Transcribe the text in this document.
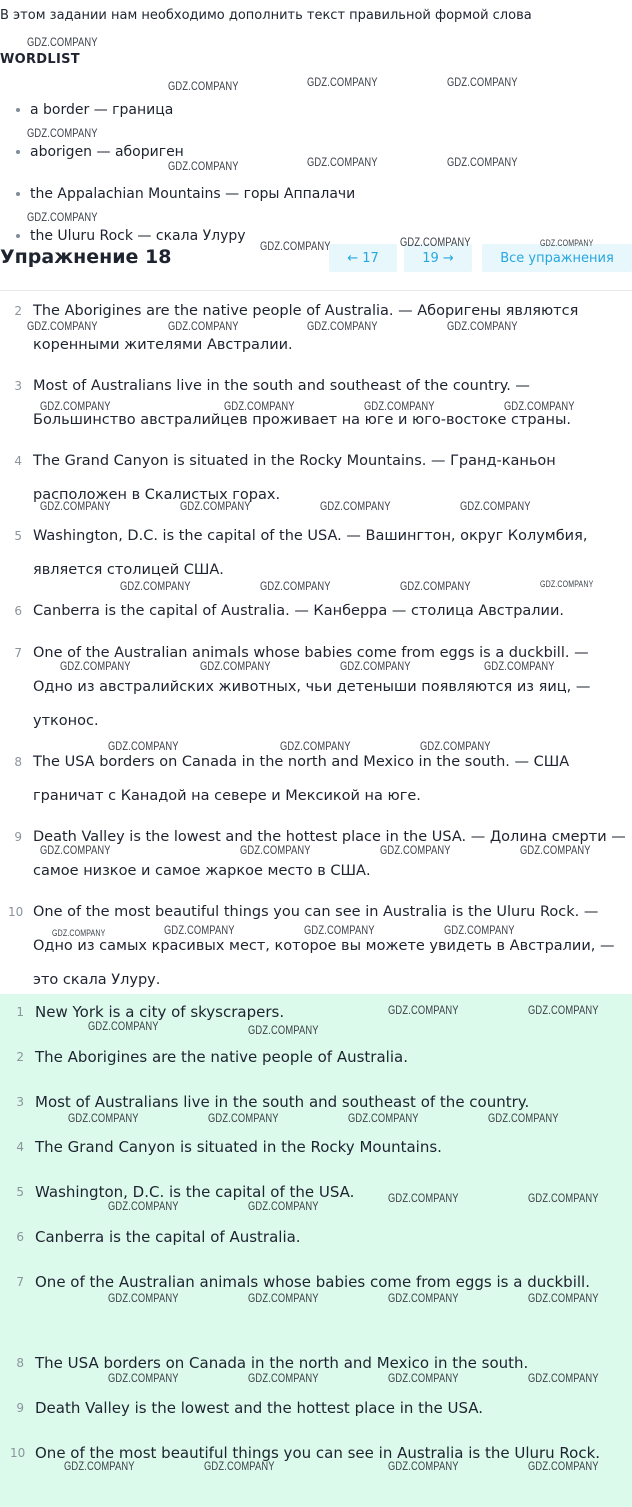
В этом задании нам необходимо дополнить текст правильной формой слова
WORDLIST
a border — граница
aborigen — абориген
the Appalachian Mountains — горы Аппалачи
the Uluru Rock — скала Улуру
Упражнение 18	← 17	19 →	Все упражнения
2 The Aborigines are the native people of Australia. — Аборигены являются коренными жителями Австралии.
3 Most of Australians live in the south and southeast of the country. — Большинство австралийцев проживает на юге и юго-востоке страны.
4 The Grand Canyon is situated in the Rocky Mountains. — Гранд-каньон расположен в Скалистых горах.
5 Washington, D.C. is the capital of the USA. — Вашингтон, округ Колумбия, является столицей США.
6 Canberra is the capital of Australia. — Канберра — столица Австралии.
7 One of the Australian animals whose babies come from eggs is a duckbill. — Одно из австралийских животных, чьи детеныши появляются из яиц, — утконос.
8 The USA borders on Canada in the north and Mexico in the south. — США граничат с Канадой на севере и Мексикой на юге.
9 Death Valley is the lowest and the hottest place in the USA. — Долина смерти — самое низкое и самое жаркое место в США.
10 One of the most beautiful things you can see in Australia is the Uluru Rock. — Одно из самых красивых мест, которое вы можете увидеть в Австралии, — это скала Улуру.
1 New York is a city of skyscrapers.
2 The Aborigines are the native people of Australia.
3 Most of Australians live in the south and southeast of the country.
4 The Grand Canyon is situated in the Rocky Mountains.
5 Washington, D.C. is the capital of the USA.
6 Canberra is the capital of Australia.
7 One of the Australian animals whose babies come from eggs is a duckbill.
8 The USA borders on Canada in the north and Mexico in the south.
9 Death Valley is the lowest and the hottest place in the USA.
10 One of the most beautiful things you can see in Australia is the Uluru Rock.
GDZ.COMPANY
GDZ.COMPANY	GDZ.COMPANY	GDZ.COMPANY
GDZ.COMPANY
GDZ.COMPANY	GDZ.COMPANY	GDZ.COMPANY
GDZ.COMPANY
GDZ.COMPANY	GDZ.COMPANY	GDZ.COMPANY
GDZ.COMPANY	GDZ.COMPANY	GDZ.COMPANY	GDZ.COMPANY
GDZ.COMPANY	GDZ.COMPANY	GDZ.COMPANY	GDZ.COMPANY
GDZ.COMPANY	GDZ.COMPANY	GDZ.COMPANY	GDZ.COMPANY
GDZ.COMPANY	GDZ.COMPANY	GDZ.COMPANY	GDZ.COMPANY
GDZ.COMPANY	GDZ.COMPANY	GDZ.COMPANY	GDZ.COMPANY
GDZ.COMPANY	GDZ.COMPANY	GDZ.COMPANY
GDZ.COMPANY	GDZ.COMPANY	GDZ.COMPANY	GDZ.COMPANY
GDZ.COMPANY	GDZ.COMPANY	GDZ.COMPANY	GDZ.COMPANY
GDZ.COMPANY	GDZ.COMPANY
GDZ.COMPANY	GDZ.COMPANY
GDZ.COMPANY	GDZ.COMPANY	GDZ.COMPANY	GDZ.COMPANY
GDZ.COMPANY	GDZ.COMPANY
GDZ.COMPANY	GDZ.COMPANY
GDZ.COMPANY	GDZ.COMPANY	GDZ.COMPANY	GDZ.COMPANY
GDZ.COMPANY	GDZ.COMPANY	GDZ.COMPANY	GDZ.COMPANY
GDZ.COMPANY	GDZ.COMPANY	GDZ.COMPANY	GDZ.COMPANY
